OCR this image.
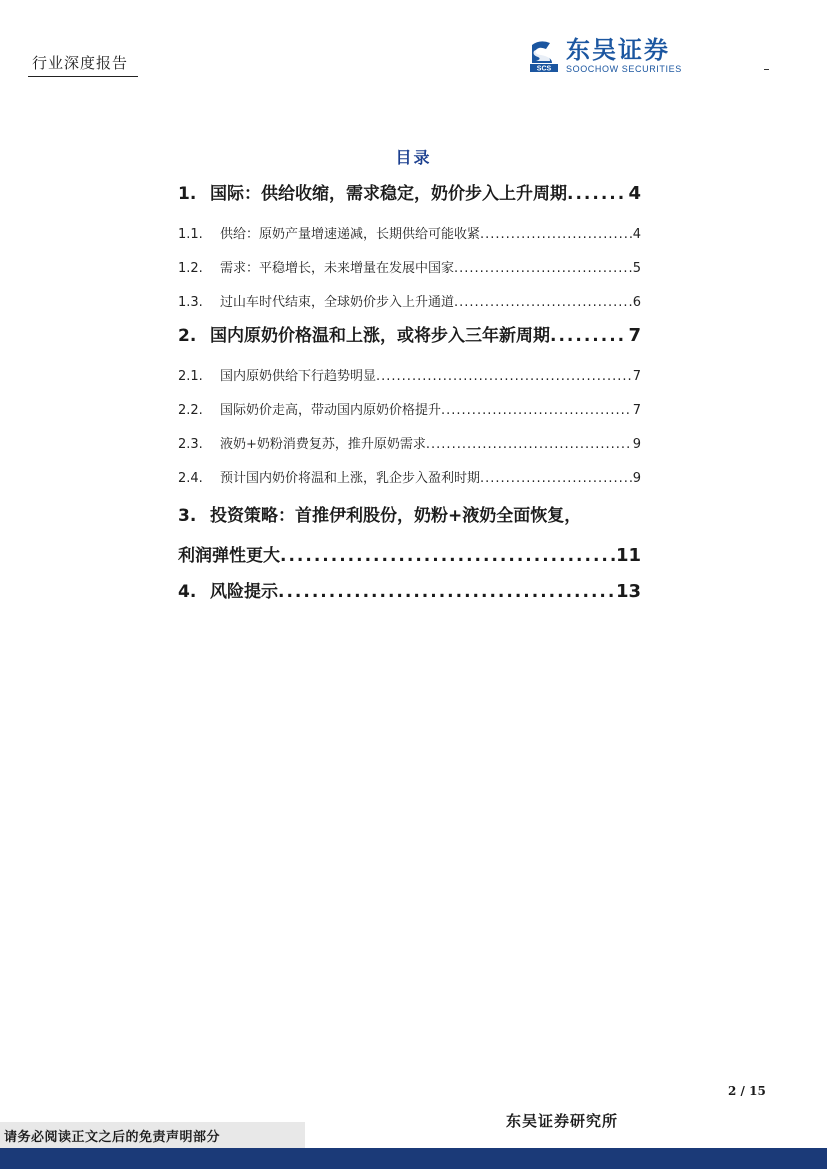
行业深度报告	SCS
东吴证券
SOOCHOW SECURITIES
目录
1. 国际：供给收缩，需求稳定，奶价步入上升周期 .....	4
1.1.	供给：原奶产量增速递减，长期供给可能收紧 .....	4
1.2.	需求：平稳增长，未来增量在发展中国家 .....	5
1.3.	过山车时代结束，全球奶价步入上升通道 .....	6
2. 国内原奶价格温和上涨，或将步入三年新周期 .....	7
2.1.	国内原奶供给下行趋势明显 .....	7
2.2.	国际奶价走高，带动国内原奶价格提升 .....	7
2.3.	液奶+奶粉消费复苏，推升原奶需求 .....	9
2.4.	预计国内奶价将温和上涨，乳企步入盈利时期 .....	9
3. 投资策略：首推伊利股份，奶粉+液奶全面恢复，
利润弹性更大 .....	11
4. 风险提示 .....	13
2 / 15
东吴证券研究所
请务必阅读正文之后的免责声明部分
